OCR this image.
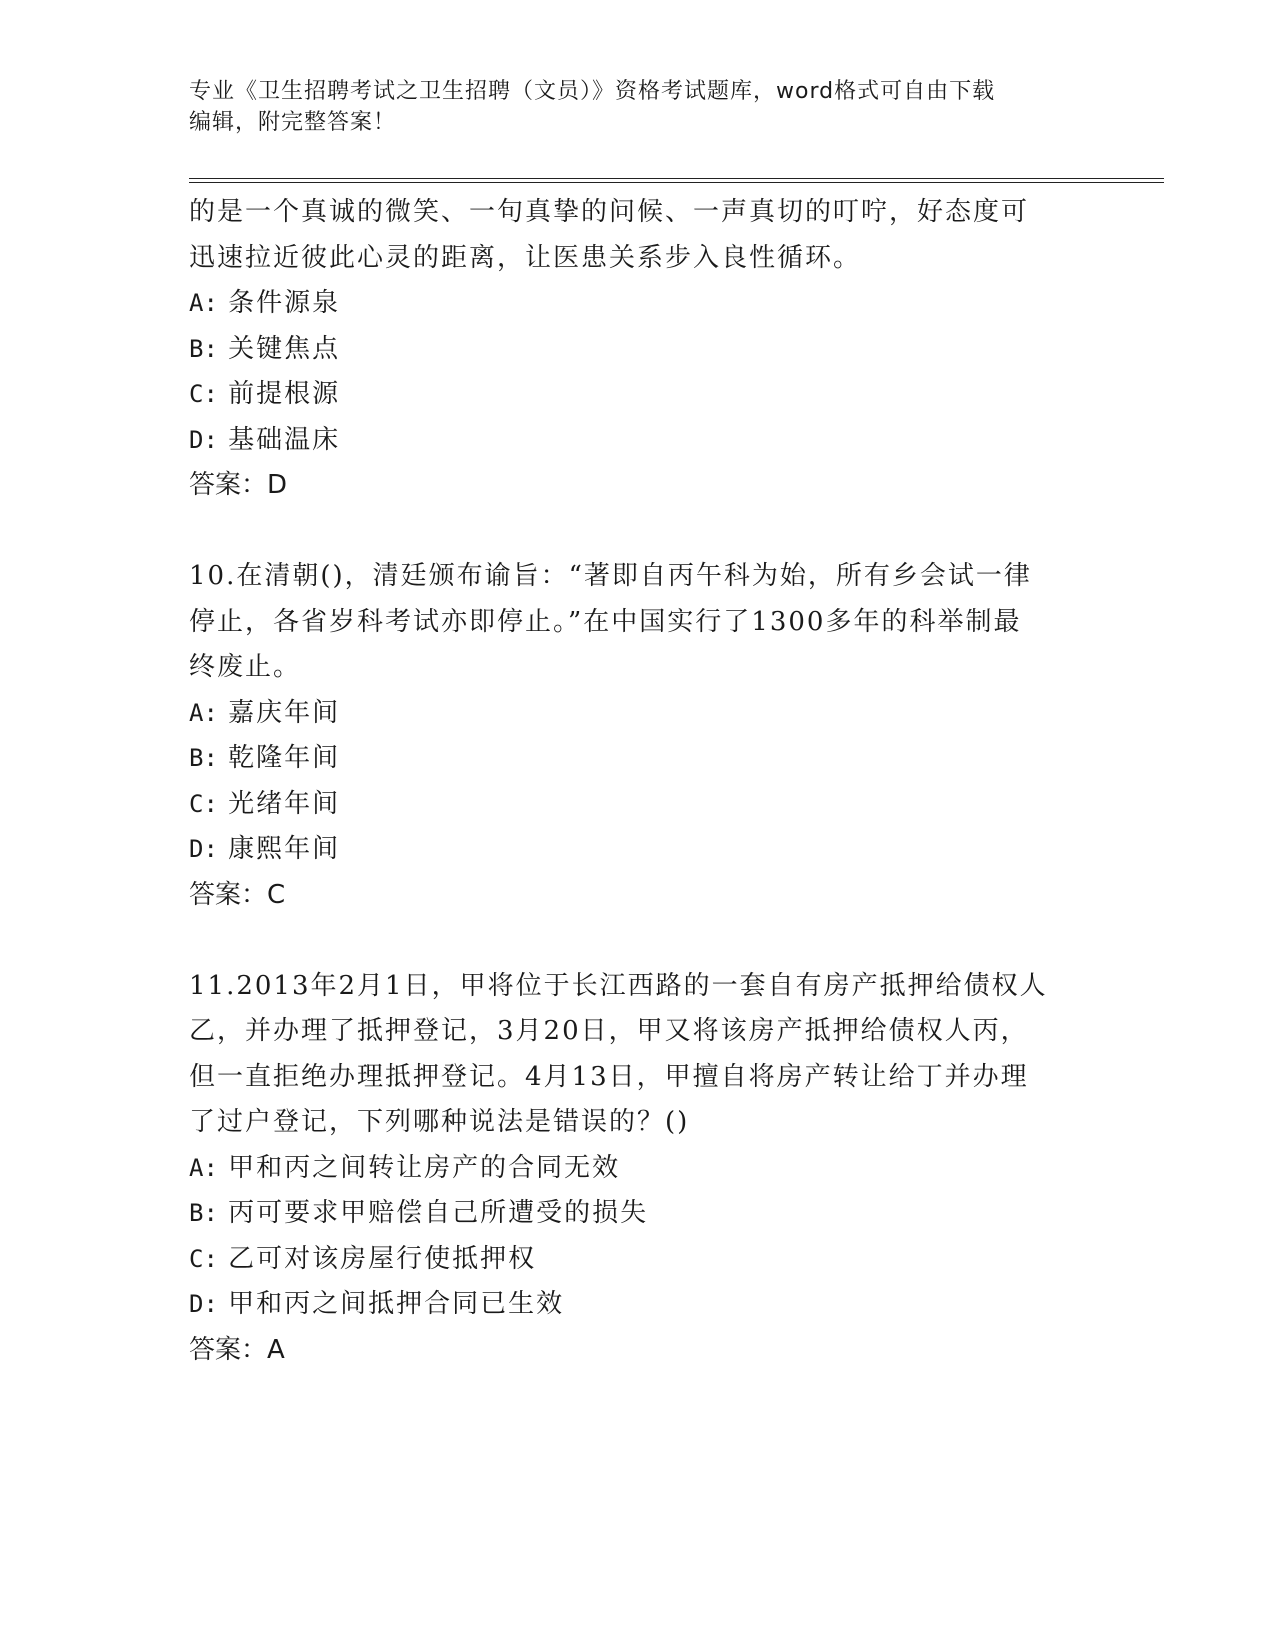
专业《卫生招聘考试之卫生招聘（文员）》资格考试题库，word格式可自由下载
编辑，附完整答案！
的是一个真诚的微笑、一句真挚的问候、一声真切的叮咛，好态度可
迅速拉近彼此心灵的距离，让医患关系步入良性循环。
A: 条件源泉
B: 关键焦点
C: 前提根源
D: 基础温床
答案：D
10.在清朝()，清廷颁布谕旨：“著即自丙午科为始，所有乡会试一律
停止，各省岁科考试亦即停止。”在中国实行了1300多年的科举制最
终废止。
A: 嘉庆年间
B: 乾隆年间
C: 光绪年间
D: 康熙年间
答案：C
11.2013年2月1日，甲将位于长江西路的一套自有房产抵押给债权人
乙，并办理了抵押登记，3月20日，甲又将该房产抵押给债权人丙，
但一直拒绝办理抵押登记。4月13日，甲擅自将房产转让给丁并办理
了过户登记，下列哪种说法是错误的？()
A: 甲和丙之间转让房产的合同无效
B: 丙可要求甲赔偿自己所遭受的损失
C: 乙可对该房屋行使抵押权
D: 甲和丙之间抵押合同已生效
答案：A
